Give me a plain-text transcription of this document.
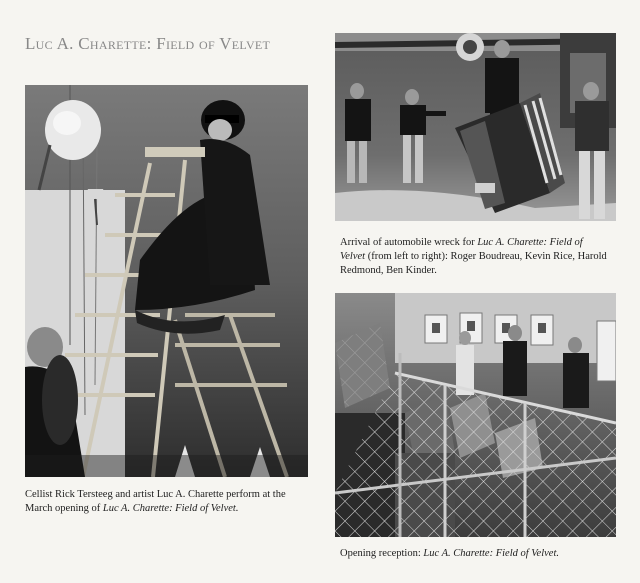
Luc A. Charette: Field of Velvet

Cellist Rick Tersteeg and artist Luc A. Charette perform at the March opening of Luc A. Charette: Field of Velvet.

Arrival of automobile wreck for Luc A. Charette: Field of Velvet (from left to right): Roger Boudreau, Kevin Rice, Harold Redmond, Ben Kinder.

Opening reception: Luc A. Charette: Field of Velvet.
